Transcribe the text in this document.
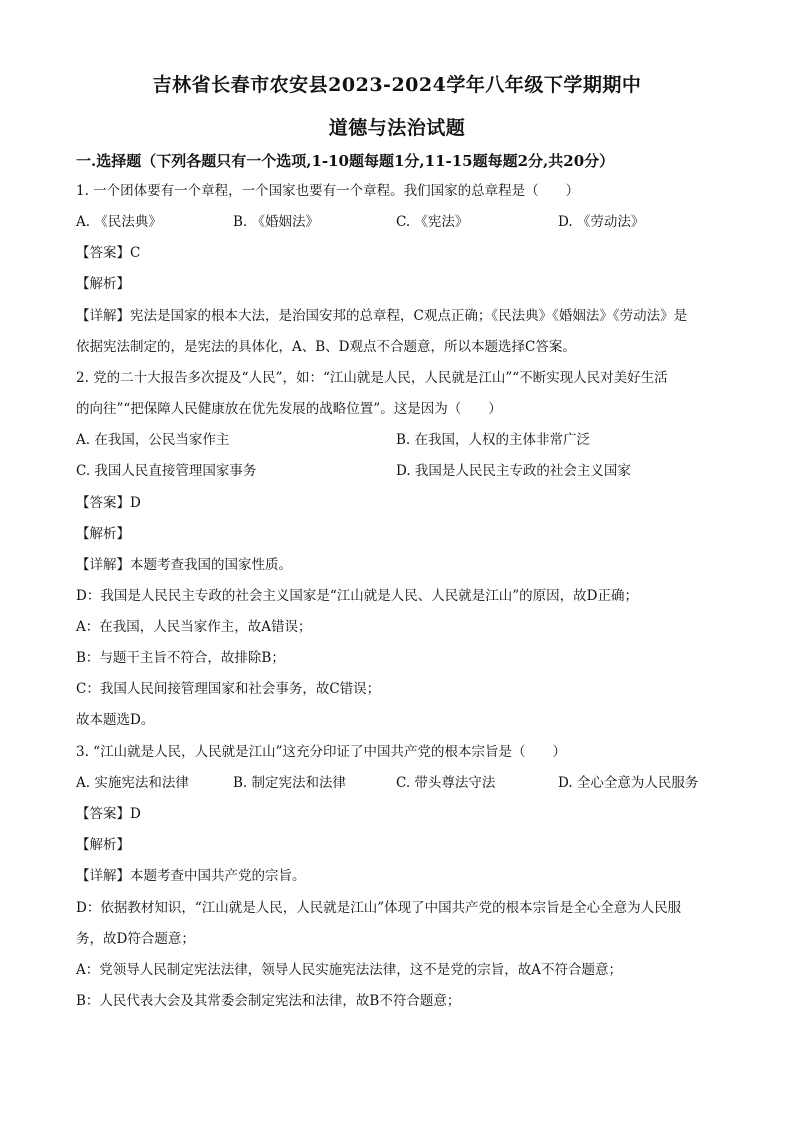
吉林省长春市农安县2023-2024学年八年级下学期期中
道德与法治试题
一.选择题（下列各题只有一个选项,1-10题每题1分,11-15题每题2分,共20分）
1. 一个团体要有一个章程，一个国家也要有一个章程。我们国家的总章程是（　　）
A. 《民法典》	B. 《婚姻法》	C. 《宪法》	D. 《劳动法》
【答案】C
【解析】
【详解】宪法是国家的根本大法，是治国安邦的总章程，C观点正确；《民法典》《婚姻法》《劳动法》是
依据宪法制定的，是宪法的具体化，A、B、D观点不合题意，所以本题选择C答案。
2. 党的二十大报告多次提及“人民”，如：“江山就是人民，人民就是江山”“不断实现人民对美好生活
的向往”“把保障人民健康放在优先发展的战略位置”。这是因为（　　）
A. 在我国，公民当家作主	B. 在我国，人权的主体非常广泛
C. 我国人民直接管理国家事务	D. 我国是人民民主专政的社会主义国家
【答案】D
【解析】
【详解】本题考查我国的国家性质。
D：我国是人民民主专政的社会主义国家是“江山就是人民、人民就是江山”的原因，故D正确；
A：在我国，人民当家作主，故A错误；
B：与题干主旨不符合，故排除B；
C：我国人民间接管理国家和社会事务，故C错误；
故本题选D。
3. “江山就是人民，人民就是江山”这充分印证了中国共产党的根本宗旨是（　　）
A. 实施宪法和法律	B. 制定宪法和法律	C. 带头尊法守法	D. 全心全意为人民服务
【答案】D
【解析】
【详解】本题考查中国共产党的宗旨。
D：依据教材知识，“江山就是人民，人民就是江山”体现了中国共产党的根本宗旨是全心全意为人民服
务，故D符合题意；
A：党领导人民制定宪法法律，领导人民实施宪法法律，这不是党的宗旨，故A不符合题意；
B：人民代表大会及其常委会制定宪法和法律，故B不符合题意；
